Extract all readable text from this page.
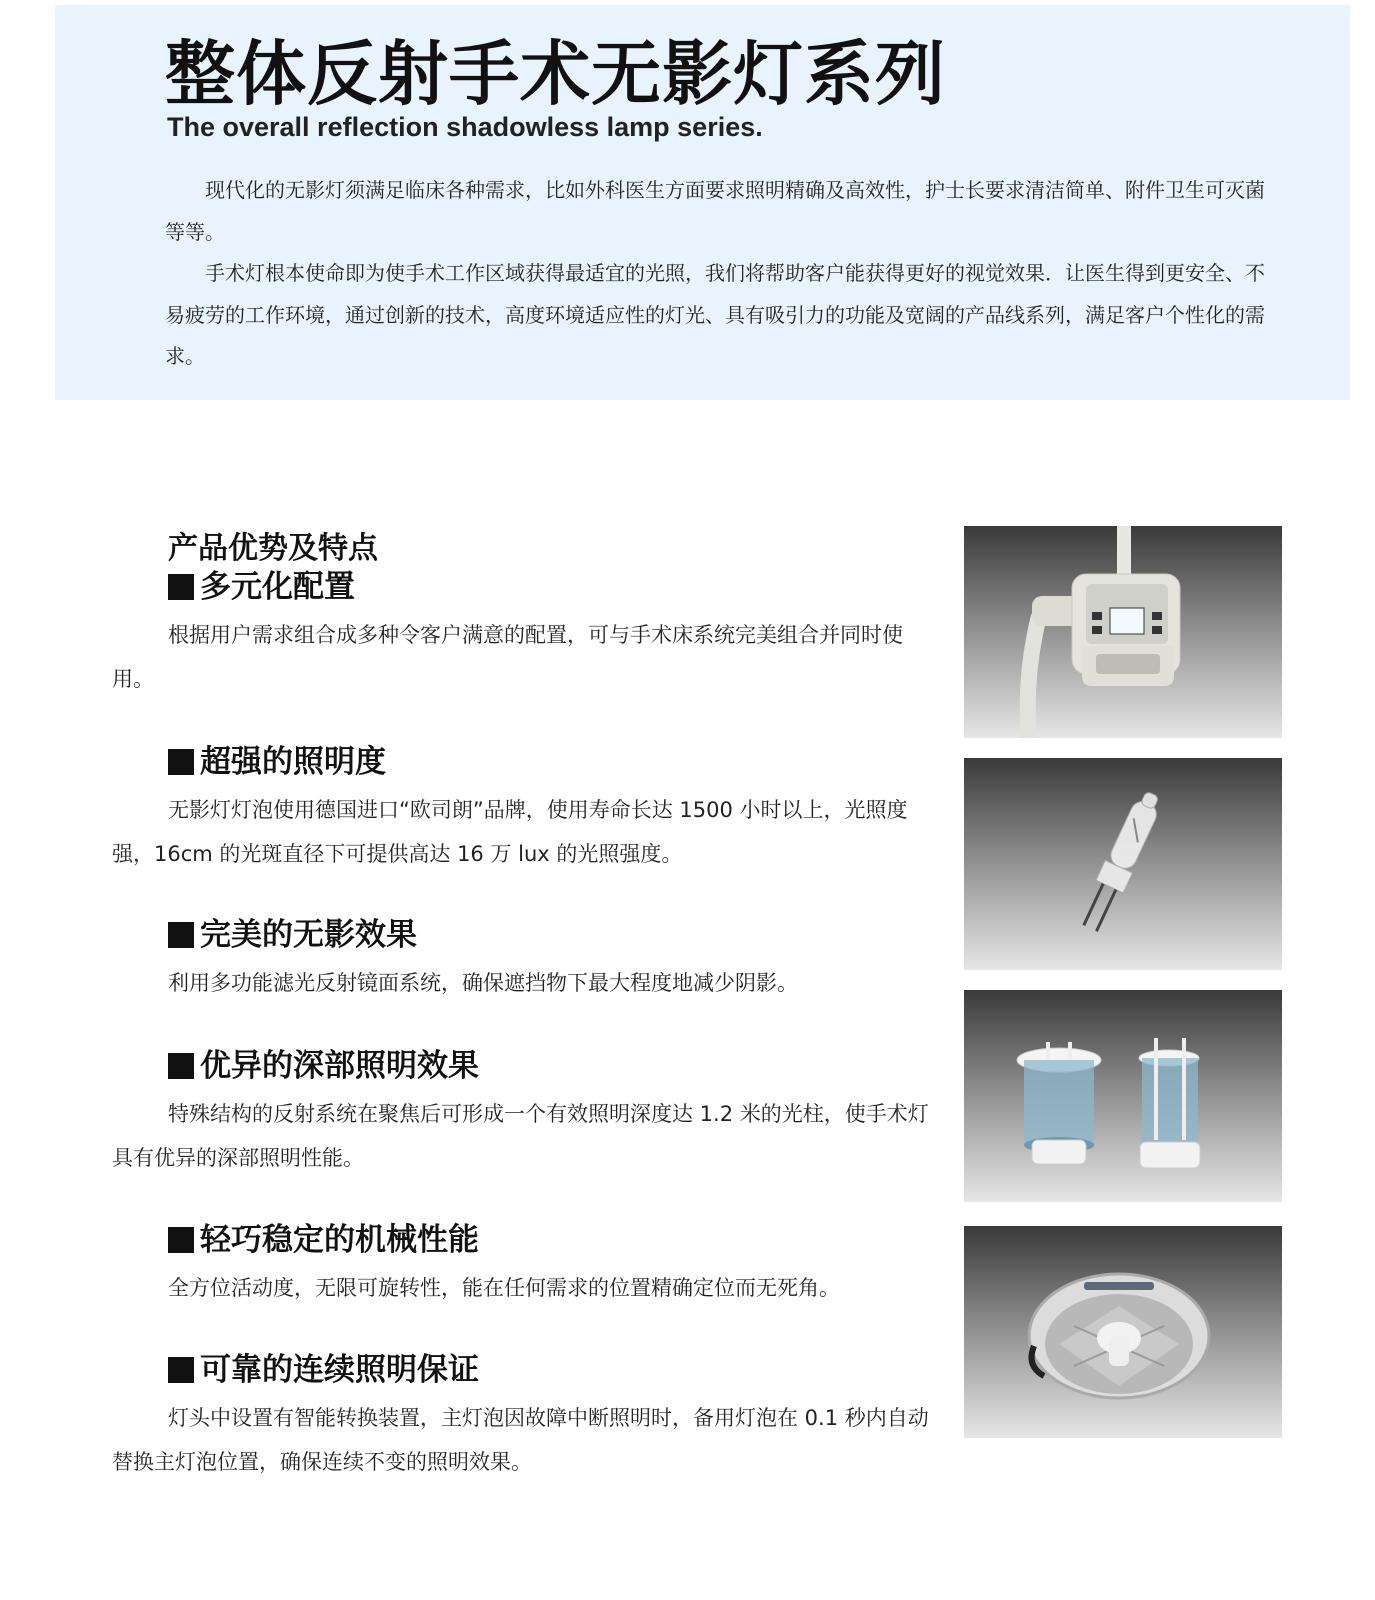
整体反射手术无影灯系列
The overall reflection shadowless lamp series.

现代化的无影灯须满足临床各种需求，比如外科医生方面要求照明精确及高效性，护士长要求清洁简单、附件卫生可灭菌等等。

手术灯根本使命即为使手术工作区域获得最适宜的光照，我们将帮助客户能获得更好的视觉效果．让医生得到更安全、不易疲劳的工作环境，通过创新的技术，高度环境适应性的灯光、具有吸引力的功能及宽阔的产品线系列，满足客户个性化的需求。

产品优势及特点
多元化配置

根据用户需求组合成多种令客户满意的配置，可与手术床系统完美组合并同时使用。

超强的照明度

无影灯灯泡使用德国进口“欧司朗”品牌，使用寿命长达 1500 小时以上，光照度强，16cm 的光斑直径下可提供高达 16 万 lux 的光照强度。

完美的无影效果

利用多功能滤光反射镜面系统，确保遮挡物下最大程度地减少阴影。

优异的深部照明效果

特殊结构的反射系统在聚焦后可形成一个有效照明深度达 1.2 米的光柱，使手术灯具有优异的深部照明性能。

轻巧稳定的机械性能

全方位活动度，无限可旋转性，能在任何需求的位置精确定位而无死角。

可靠的连续照明保证

灯头中设置有智能转换装置，主灯泡因故障中断照明时，备用灯泡在 0.1 秒内自动替换主灯泡位置，确保连续不变的照明效果。
